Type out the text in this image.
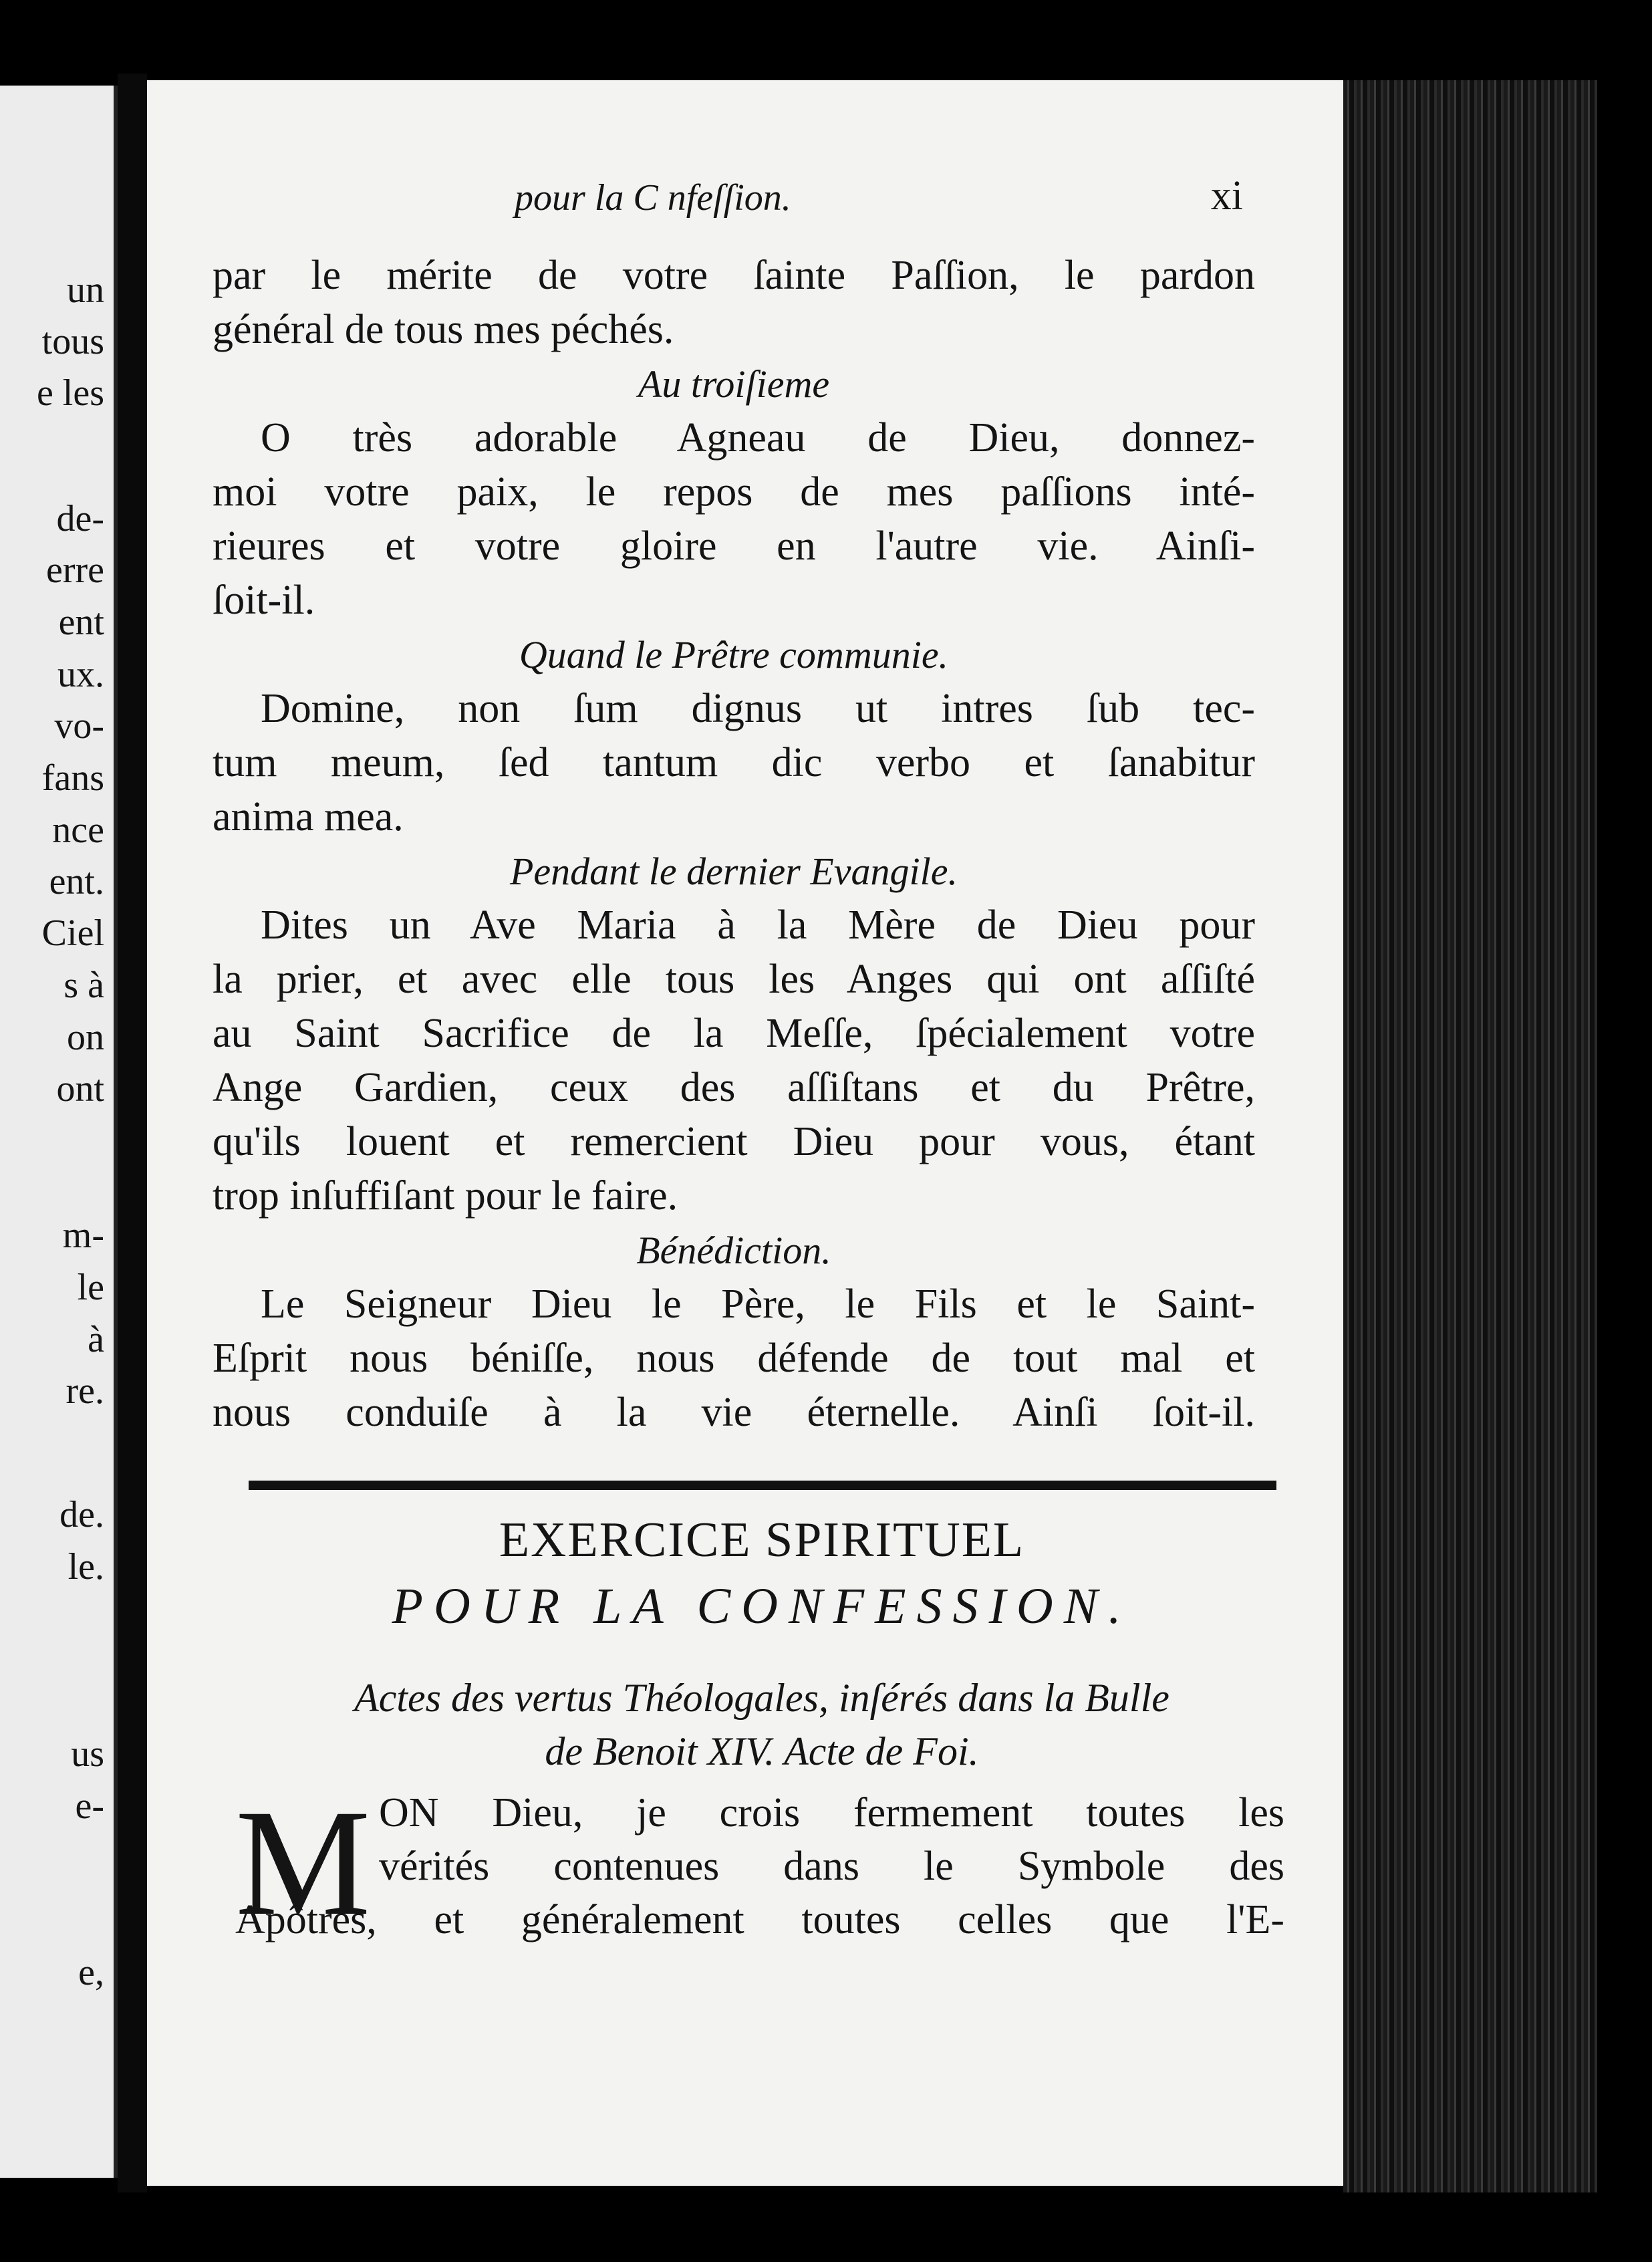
un
tous
e les
de-
erre
ent
ux.
vo-
fans
nce
ent.
Ciel
s à
on
ont
m-
le
à
re.
de.
le.
us
e-
e,
pour la C nfeſſion.	xi
par le mérite de votre ſainte Paſſion, le pardon
général de tous mes péchés.
Au troiſieme
O très adorable Agneau de Dieu, donnez-
moi votre paix, le repos de mes paſſions inté-
rieures et votre gloire en l'autre vie. Ainſi-
ſoit-il.
Quand le Prêtre communie.
Domine, non ſum dignus ut intres ſub tec-
tum meum, ſed tantum dic verbo et ſanabitur
anima mea.
Pendant le dernier Evangile.
Dites un Ave Maria à la Mère de Dieu pour
la prier, et avec elle tous les Anges qui ont aſſiſté
au Saint Sacrifice de la Meſſe, ſpécialement votre
Ange Gardien, ceux des aſſiſtans et du Prêtre,
qu'ils louent et remercient Dieu pour vous, étant
trop inſuffiſant pour le faire.
Bénédiction.
Le Seigneur Dieu le Père, le Fils et le Saint-
Eſprit nous béniſſe, nous défende de tout mal et
nous conduiſe à la vie éternelle. Ainſi ſoit-il.
EXERCICE SPIRITUEL
POUR LA CONFESSION.
Actes des vertus Théologales, inſérés dans la Bulle
de Benoit XIV. Acte de Foi.
M ON Dieu, je crois fermement toutes les
vérités contenues dans le Symbole des
Apôtres, et généralement toutes celles que l'E-
